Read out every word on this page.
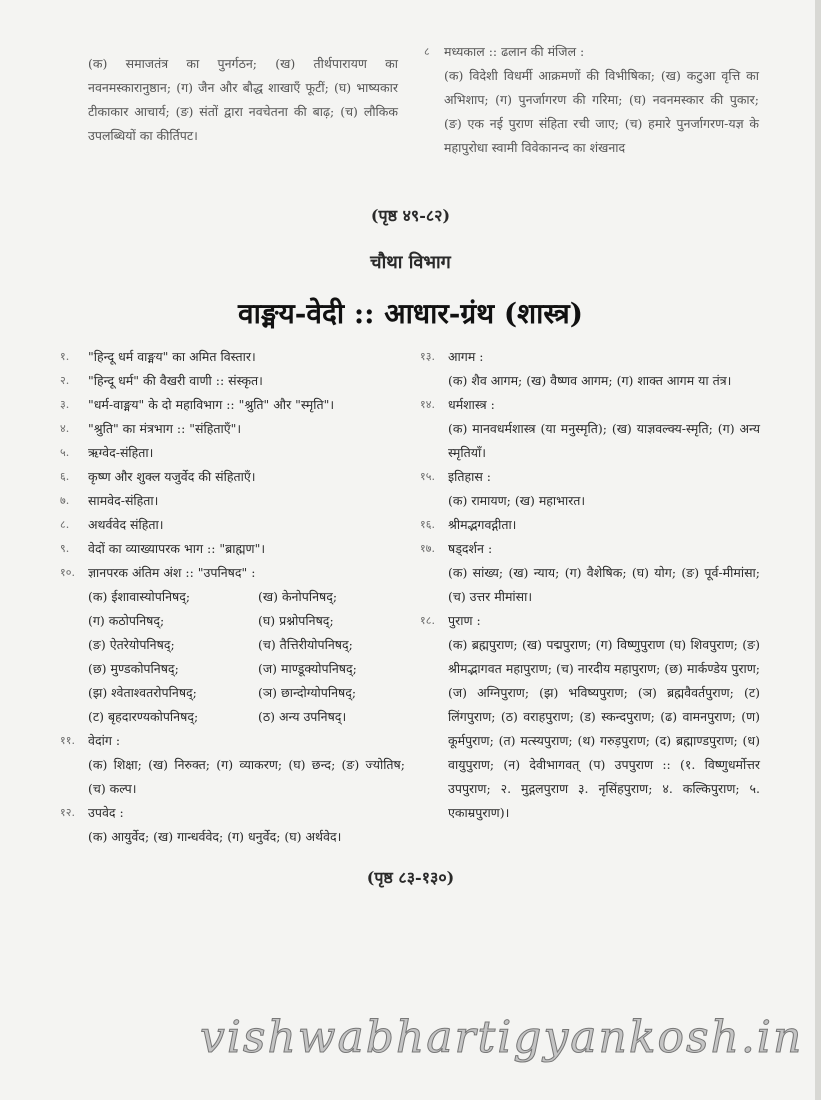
(क) समाजतंत्र का पुनर्गठन; (ख) तीर्थपारायण का नवनमस्कारानुष्ठान; (ग) जैन और बौद्ध शाखाएँ फूटीं; (घ) भाष्यकार टीकाकार आचार्य; (ङ) संतों द्वारा नवचेतना की बाढ़; (च) लौकिक उपलब्धियों का कीर्तिपट।
८	मध्यकाल :: ढलान की मंजिल :
(क) विदेशी विधर्मी आक्रमणों की विभीषिका; (ख) कटुआ वृत्ति का अभिशाप; (ग) पुनर्जागरण की गरिमा; (घ) नवनमस्कार की पुकार; (ङ) एक नई पुराण संहिता रची जाए; (च) हमारे पुनर्जागरण-यज्ञ के महापुरोधा स्वामी विवेकानन्द का शंखनाद
(पृष्ठ ४९-८२)
चौथा विभाग
वाङ्मय-वेदी :: आधार-ग्रंथ (शास्त्र)
१.	"हिन्दू धर्म वाङ्मय" का अमित विस्तार।
२.	"हिन्दू धर्म" की वैखरी वाणी :: संस्कृत।
३.	"धर्म-वाङ्मय" के दो महाविभाग :: "श्रुति" और "स्मृति"।
४.	"श्रुति" का मंत्रभाग :: "संहिताएँ"।
५.	ऋग्वेद-संहिता।
६.	कृष्ण और शुक्ल यजुर्वेद की संहिताएँ।
७.	सामवेद-संहिता।
८.	अथर्ववेद संहिता।
९.	वेदों का व्याख्यापरक भाग :: "ब्राह्मण"।
१०.	ज्ञानपरक अंतिम अंश :: "उपनिषद" :
(क) ईशावास्योपनिषद्;	(ख) केनोपनिषद्;
(ग) कठोपनिषद्;	(घ) प्रश्नोपनिषद्;
(ङ) ऐतरेयोपनिषद्;	(च) तैत्तिरीयोपनिषद्;
(छ) मुण्डकोपनिषद्;	(ज) माण्डूक्योपनिषद्;
(झ) श्वेताश्वतरोपनिषद्;	(ञ) छान्दोग्योपनिषद्;
(ट) बृहदारण्यकोपनिषद्;	(ठ) अन्य उपनिषद्।
११.	वेदांग :
(क) शिक्षा; (ख) निरुक्त; (ग) व्याकरण; (घ) छन्द; (ङ) ज्योतिष; (च) कल्प।
१२.	उपवेद :
(क) आयुर्वेद; (ख) गान्धर्ववेद; (ग) धनुर्वेद; (घ) अर्थवेद।
१३.	आगम :
(क) शैव आगम; (ख) वैष्णव आगम; (ग) शाक्त आगम या तंत्र।
१४.	धर्मशास्त्र :
(क) मानवधर्मशास्त्र (या मनुस्मृति); (ख) याज्ञवल्क्य-स्मृति; (ग) अन्य स्मृतियाँ।
१५.	इतिहास :
(क) रामायण; (ख) महाभारत।
१६.	श्रीमद्भगवद्गीता।
१७.	षड्दर्शन :
(क) सांख्य; (ख) न्याय; (ग) वैशेषिक; (घ) योग; (ङ) पूर्व-मीमांसा; (च) उत्तर मीमांसा।
१८.	पुराण :
(क) ब्रह्मपुराण; (ख) पद्मपुराण; (ग) विष्णुपुराण (घ) शिवपुराण; (ङ) श्रीमद्भागवत महापुराण; (च) नारदीय महापुराण; (छ) मार्कण्डेय पुराण; (ज) अग्निपुराण; (झ) भविष्यपुराण; (ञ) ब्रह्मवैवर्तपुराण; (ट) लिंगपुराण; (ठ) वराहपुराण; (ड) स्कन्दपुराण; (ढ) वामनपुराण; (ण) कूर्मपुराण; (त) मत्स्यपुराण; (थ) गरुड़पुराण; (द) ब्रह्माण्डपुराण; (ध) वायुपुराण; (न) देवीभागवत् (प) उपपुराण :: (१. विष्णुधर्मोत्तर उपपुराण; २. मुद्गलपुराण ३. नृसिंहपुराण; ४. कल्किपुराण; ५. एकाम्रपुराण)।
(पृष्ठ ८३-१३०)
vishwabhartigyankosh.in
